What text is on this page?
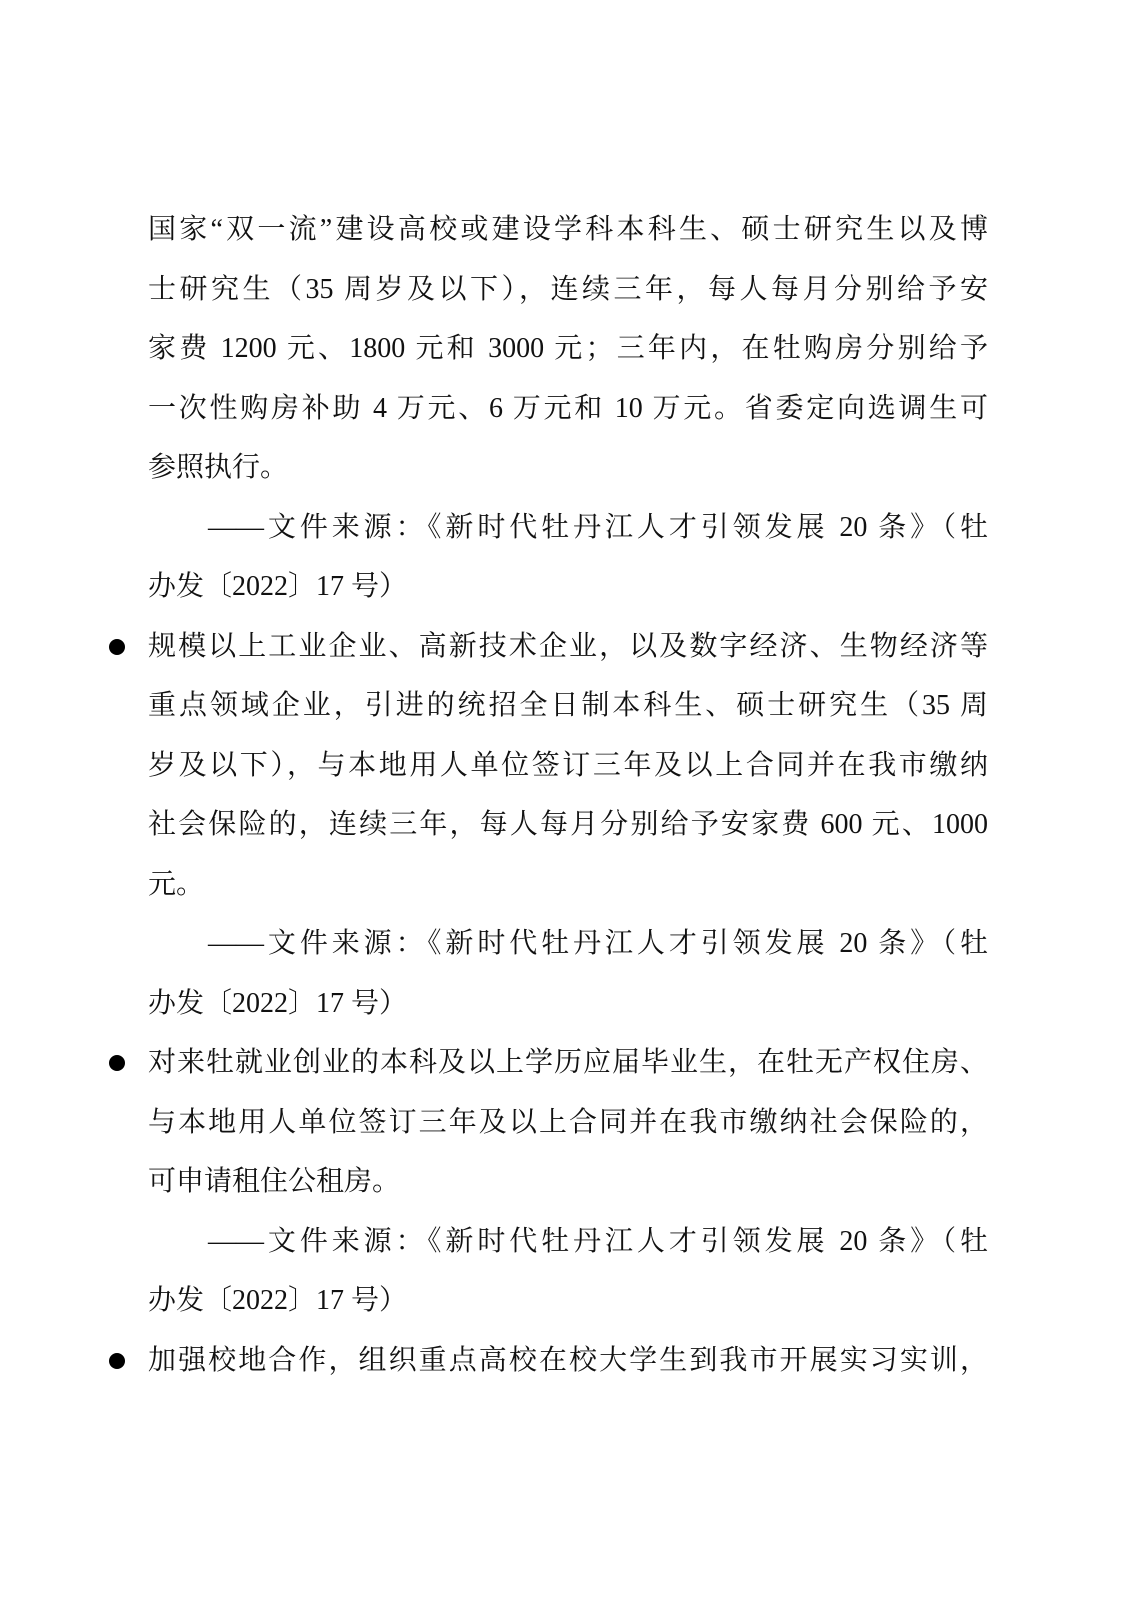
国家“双一流”建设高校或建设学科本科生、硕士研究生以及博
士研究生（35 周岁及以下），连续三年，每人每月分别给予安
家费 1200 元、1800 元和 3000 元；三年内，在牡购房分别给予
一次性购房补助 4 万元、6 万元和 10 万元。省委定向选调生可
参照执行。
——文件来源：《新时代牡丹江人才引领发展 20 条》（牡
办发〔2022〕17 号）
规模以上工业企业、高新技术企业，以及数字经济、生物经济等
重点领域企业，引进的统招全日制本科生、硕士研究生（35 周
岁及以下），与本地用人单位签订三年及以上合同并在我市缴纳
社会保险的，连续三年，每人每月分别给予安家费 600 元、1000
元。
——文件来源：《新时代牡丹江人才引领发展 20 条》（牡
办发〔2022〕17 号）
对来牡就业创业的本科及以上学历应届毕业生，在牡无产权住房、
与本地用人单位签订三年及以上合同并在我市缴纳社会保险的，
可申请租住公租房。
——文件来源：《新时代牡丹江人才引领发展 20 条》（牡
办发〔2022〕17 号）
加强校地合作，组织重点高校在校大学生到我市开展实习实训，
